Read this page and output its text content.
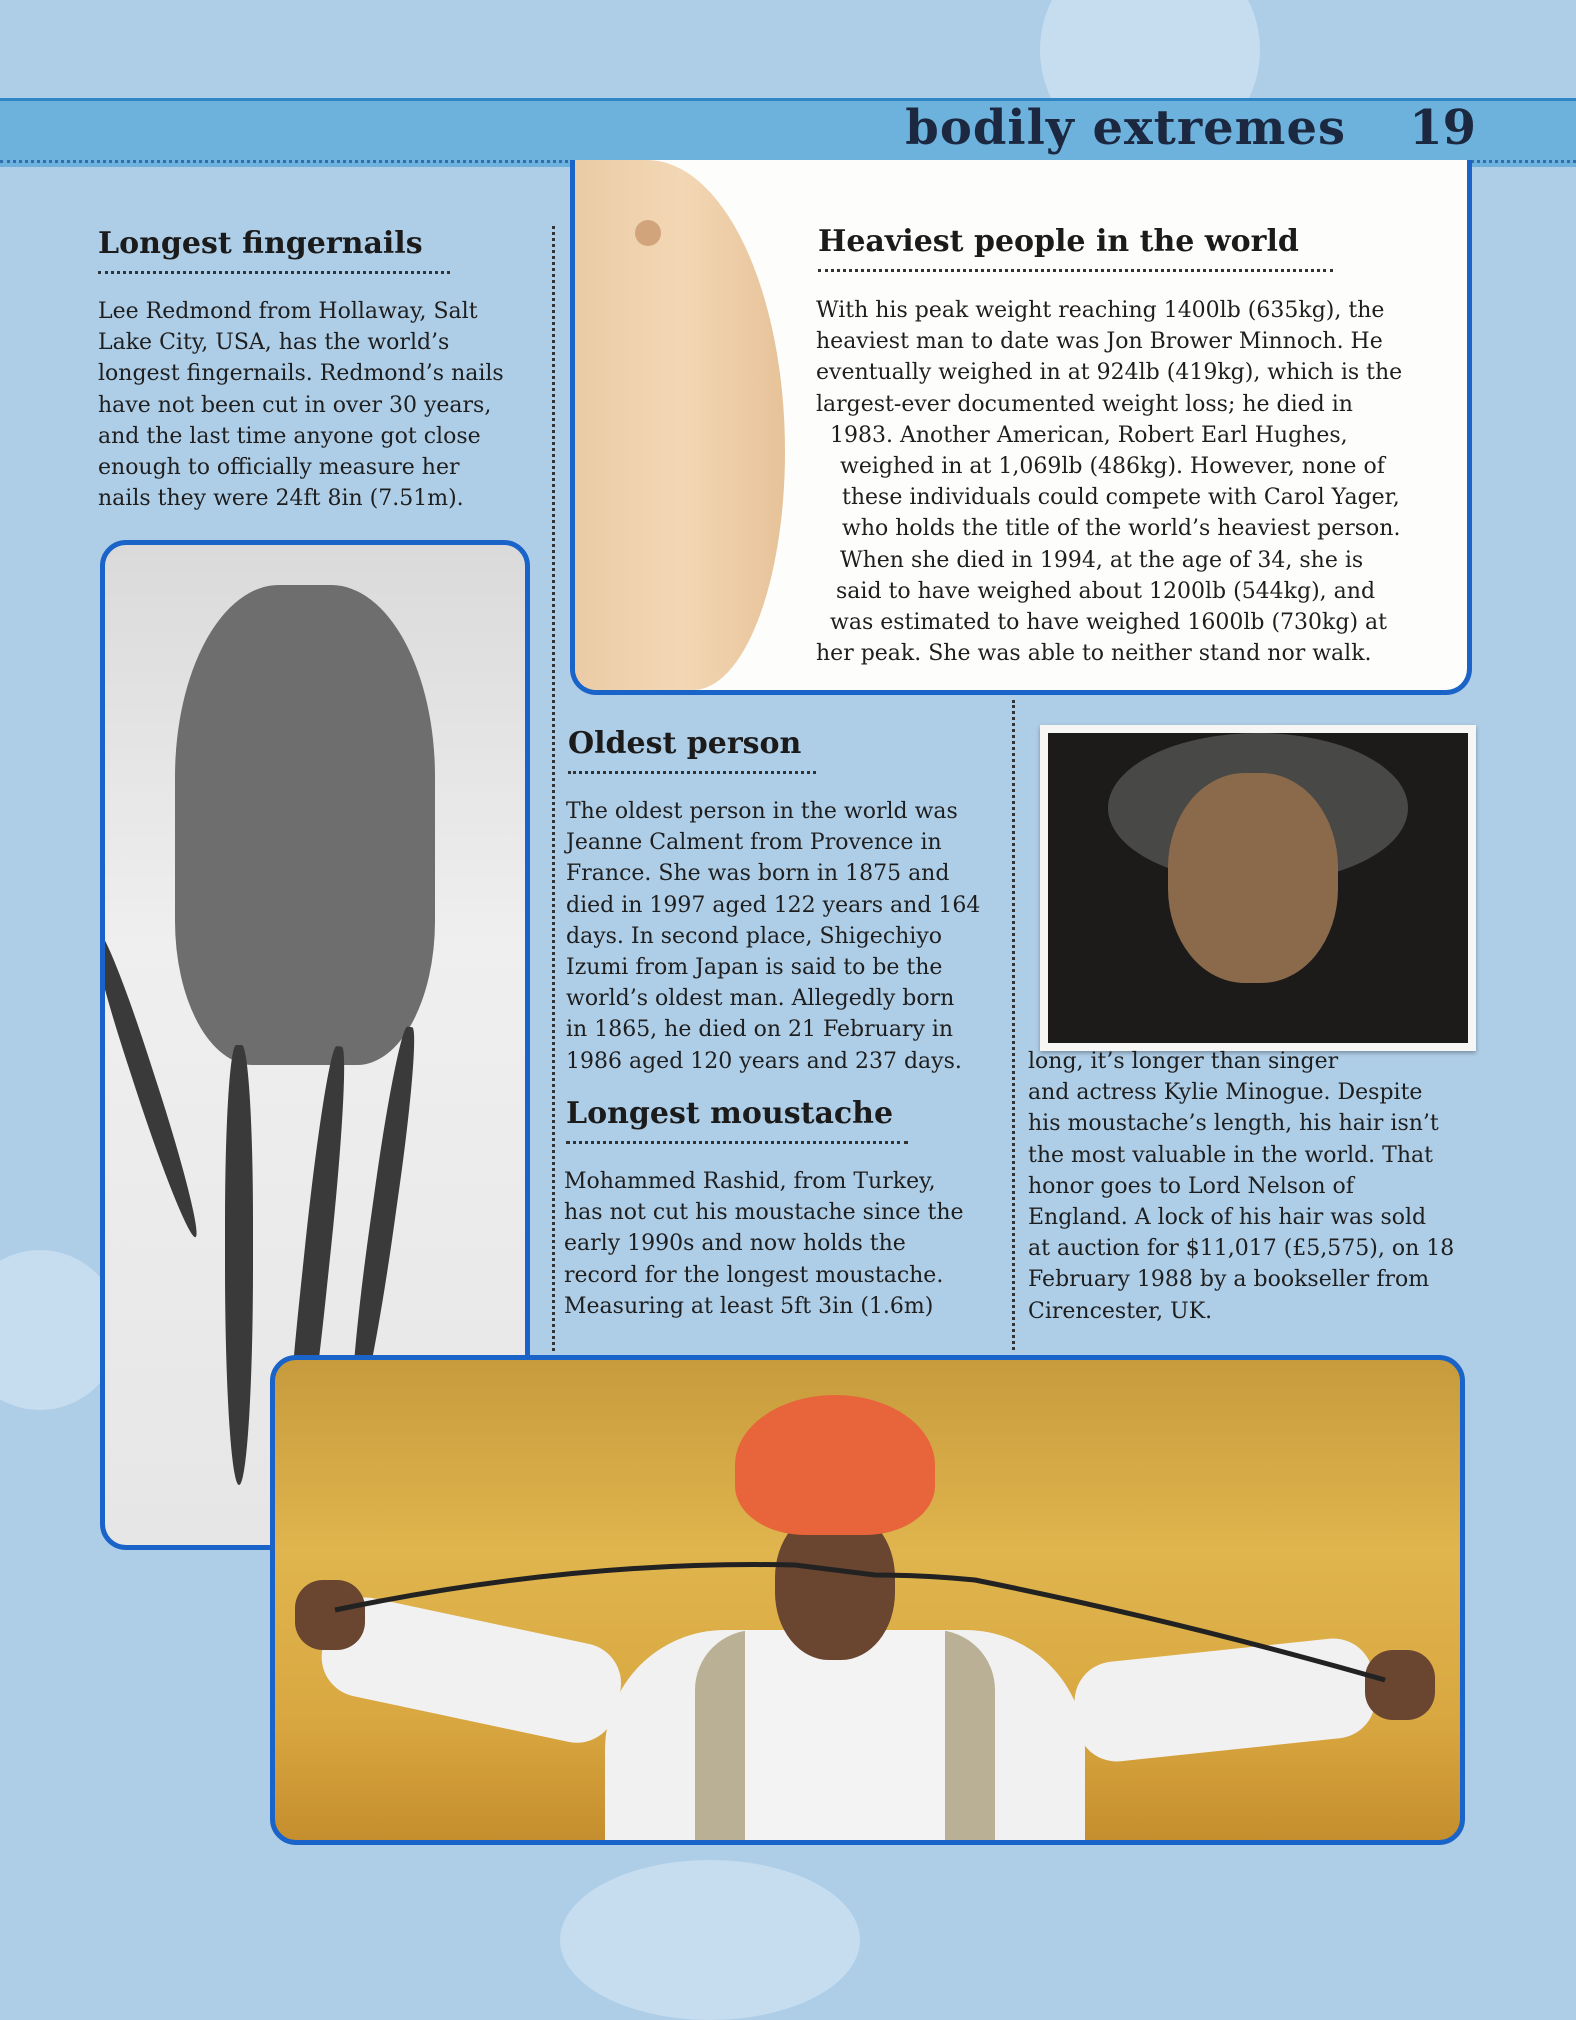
bodily extremes 19
Longest fingernails
Lee Redmond from Hollaway, Salt
Lake City, USA, has the world’s
longest fingernails. Redmond’s nails
have not been cut in over 30 years,
and the last time anyone got close
enough to officially measure her
nails they were 24ft 8in (7.51m).
Heaviest people in the world
With his peak weight reaching 1400lb (635kg), the
heaviest man to date was Jon Brower Minnoch. He
eventually weighed in at 924lb (419kg), which is the
largest-ever documented weight loss; he died in
1983. Another American, Robert Earl Hughes,
weighed in at 1,069lb (486kg). However, none of
these individuals could compete with Carol Yager,
who holds the title of the world’s heaviest person.
When she died in 1994, at the age of 34, she is
said to have weighed about 1200lb (544kg), and
was estimated to have weighed 1600lb (730kg) at
her peak. She was able to neither stand nor walk.
Oldest person
The oldest person in the world was
Jeanne Calment from Provence in
France. She was born in 1875 and
died in 1997 aged 122 years and 164
days. In second place, Shigechiyo
Izumi from Japan is said to be the
world’s oldest man. Allegedly born
in 1865, he died on 21 February in
1986 aged 120 years and 237 days.
Longest moustache
Mohammed Rashid, from Turkey,
has not cut his moustache since the
early 1990s and now holds the
record for the longest moustache.
Measuring at least 5ft 3in (1.6m)
long, it’s longer than singer
and actress Kylie Minogue. Despite
his moustache’s length, his hair isn’t
the most valuable in the world. That
honor goes to Lord Nelson of
England. A lock of his hair was sold
at auction for $11,017 (£5,575), on 18
February 1988 by a bookseller from
Cirencester, UK.
